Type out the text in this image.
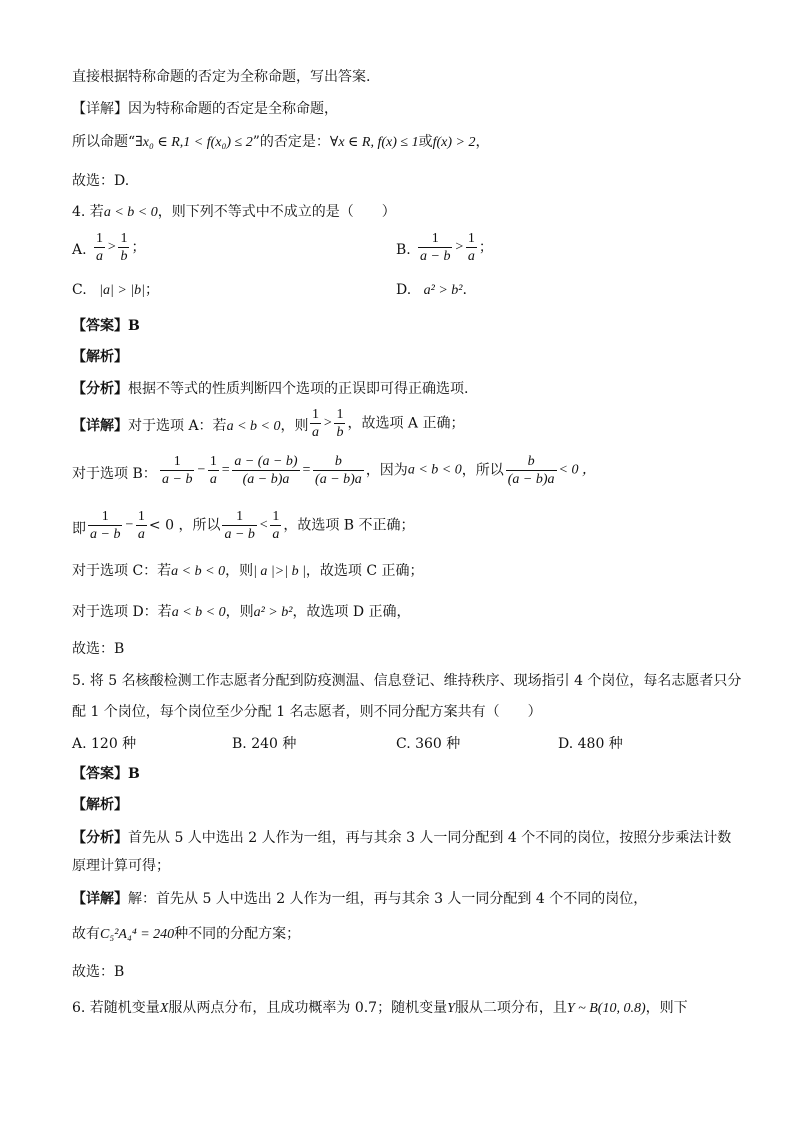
直接根据特称命题的否定为全称命题，写出答案.
【详解】因为特称命题的否定是全称命题，
所以命题“∃x₀ ∈ R,1 < f(x₀) ≤ 2”的否定是：∀x ∈ R, f(x) ≤ 1或f(x) > 2，
故选：D.
4. 若a < b < 0，则下列不等式中不成立的是（　　）
A. $\frac{1}{a} > \frac{1}{b}$ ；	B. $\frac{1}{a - b} > \frac{1}{a}$ ；
C. |a| > |b|；	D. a² > b².
【答案】B
【解析】
【分析】根据不等式的性质判断四个选项的正误即可得正确选项.
【详解】对于选项 A：若a < b < 0，则 $\frac{1}{a} > \frac{1}{b}$ ，故选项 A 正确；
对于选项 B： $\frac{1}{a - b} - \frac{1}{a} = \frac{a - (a - b)}{(a - b)a} = \frac{b}{(a - b)a}$ ，因为a < b < 0，所以 $\frac{b}{(a - b)a} < 0$ ，
即 $\frac{1}{a - b} - \frac{1}{a} < 0$ ，所以 $\frac{1}{a - b} < \frac{1}{a}$ ，故选项 B 不正确；
对于选项 C：若a < b < 0，则| a |>| b |，故选项 C 正确；
对于选项 D：若a < b < 0，则a² > b²，故选项 D 正确，
故选：B
5. 将 5 名核酸检测工作志愿者分配到防疫测温、信息登记、维持秩序、现场指引 4 个岗位，每名志愿者只分
配 1 个岗位，每个岗位至少分配 1 名志愿者，则不同分配方案共有（　　）
A. 120 种	B. 240 种	C. 360 种	D. 480 种
【答案】B
【解析】
【分析】首先从 5 人中选出 2 人作为一组，再与其余 3 人一同分配到 4 个不同的岗位，按照分步乘法计数
原理计算可得；
【详解】解：首先从 5 人中选出 2 人作为一组，再与其余 3 人一同分配到 4 个不同的岗位，
故有C₅²A₄⁴ = 240种不同的分配方案；
故选：B
6. 若随机变量X服从两点分布，且成功概率为 0.7；随机变量Y服从二项分布，且Y ~ B(10, 0.8)，则下
